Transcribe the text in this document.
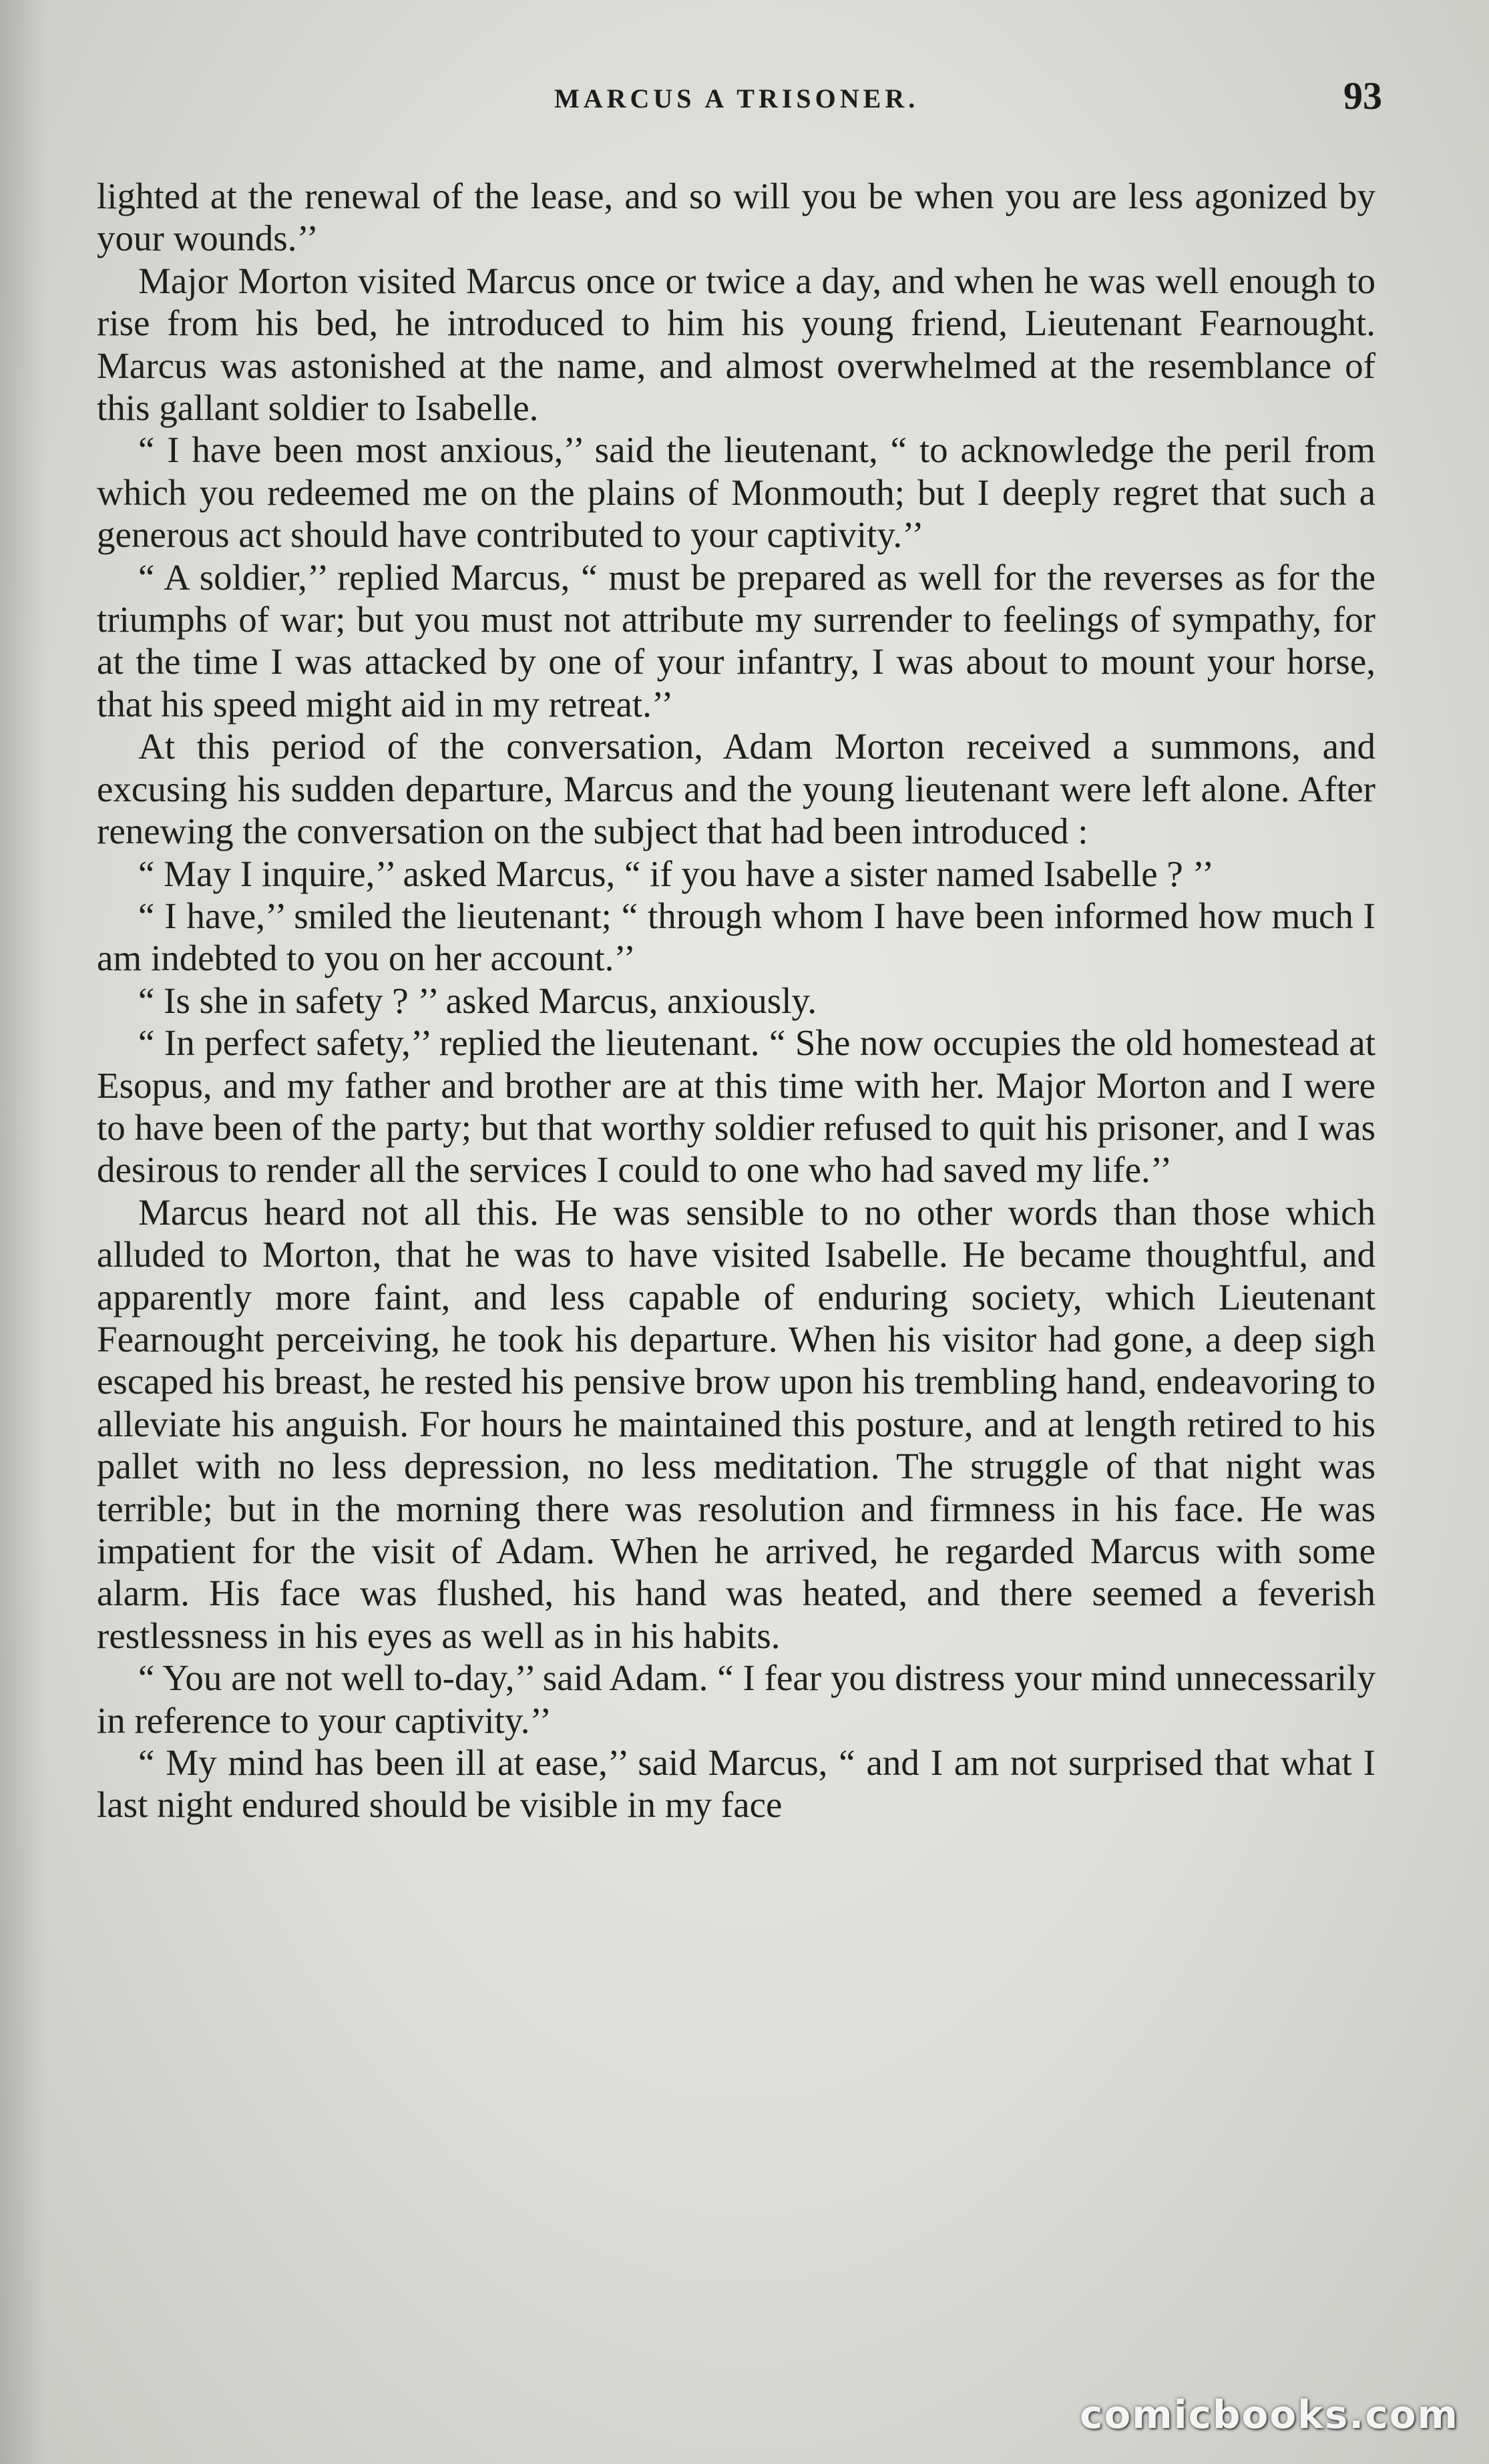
MARCUS A TRISONER.	93

lighted at the renewal of the lease, and so will you be when you are less agonized by your wounds.’’

Major Morton visited Marcus once or twice a day, and when he was well enough to rise from his bed, he introduced to him his young friend, Lieutenant Fearnought. Marcus was astonished at the name, and almost overwhelmed at the resemblance of this gallant soldier to Isabelle.

“ I have been most anxious,’’ said the lieutenant, “ to acknowledge the peril from which you redeemed me on the plains of Monmouth; but I deeply regret that such a generous act should have contributed to your captivity.’’

“ A soldier,’’ replied Marcus, “ must be prepared as well for the reverses as for the triumphs of war; but you must not attribute my surrender to feelings of sympathy, for at the time I was attacked by one of your infantry, I was about to mount your horse, that his speed might aid in my retreat.’’

At this period of the conversation, Adam Morton received a summons, and excusing his sudden departure, Marcus and the young lieutenant were left alone. After renewing the conversation on the subject that had been introduced :

“ May I inquire,’’ asked Marcus, “ if you have a sister named Isabelle ? ’’

“ I have,’’ smiled the lieutenant; “ through whom I have been informed how much I am indebted to you on her account.’’

“ Is she in safety ? ’’ asked Marcus, anxiously.

“ In perfect safety,’’ replied the lieutenant. “ She now occupies the old homestead at Esopus, and my father and brother are at this time with her. Major Morton and I were to have been of the party; but that worthy soldier refused to quit his prisoner, and I was desirous to render all the services I could to one who had saved my life.’’

Marcus heard not all this. He was sensible to no other words than those which alluded to Morton, that he was to have visited Isabelle. He became thoughtful, and apparently more faint, and less capable of enduring society, which Lieutenant Fearnought perceiving, he took his departure. When his visitor had gone, a deep sigh escaped his breast, he rested his pensive brow upon his trembling hand, endeavoring to alleviate his anguish. For hours he maintained this posture, and at length retired to his pallet with no less depression, no less meditation. The struggle of that night was terrible; but in the morning there was resolution and firmness in his face. He was impatient for the visit of Adam. When he arrived, he regarded Marcus with some alarm. His face was flushed, his hand was heated, and there seemed a feverish restlessness in his eyes as well as in his habits.

“ You are not well to-day,’’ said Adam. “ I fear you distress your mind unnecessarily in reference to your captivity.’’

“ My mind has been ill at ease,’’ said Marcus, “ and I am not surprised that what I last night endured should be visible in my face

comicbooks.com
